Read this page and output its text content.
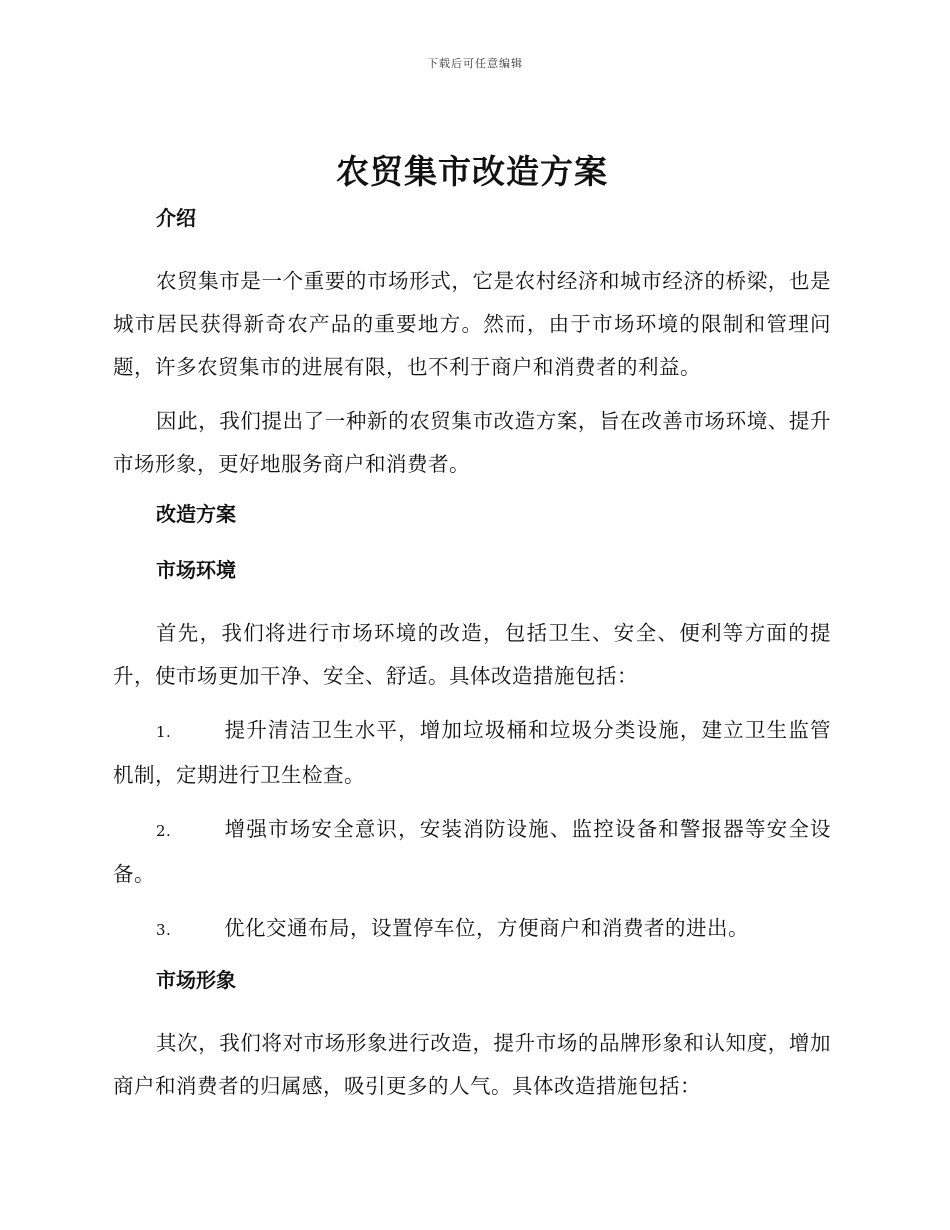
下载后可任意编辑
农贸集市改造方案
介绍

农贸集市是一个重要的市场形式，它是农村经济和城市经济的桥梁，也是城市居民获得新奇农产品的重要地方。然而，由于市场环境的限制和管理问题，许多农贸集市的进展有限，也不利于商户和消费者的利益。

因此，我们提出了一种新的农贸集市改造方案，旨在改善市场环境、提升市场形象，更好地服务商户和消费者。

改造方案
市场环境

首先，我们将进行市场环境的改造，包括卫生、安全、便利等方面的提升，使市场更加干净、安全、舒适。具体改造措施包括：

1.	提升清洁卫生水平，增加垃圾桶和垃圾分类设施，建立卫生监管机制，定期进行卫生检查。

2.	增强市场安全意识，安装消防设施、监控设备和警报器等安全设备。

3.	优化交通布局，设置停车位，方便商户和消费者的进出。

市场形象

其次，我们将对市场形象进行改造，提升市场的品牌形象和认知度，增加商户和消费者的归属感，吸引更多的人气。具体改造措施包括：
